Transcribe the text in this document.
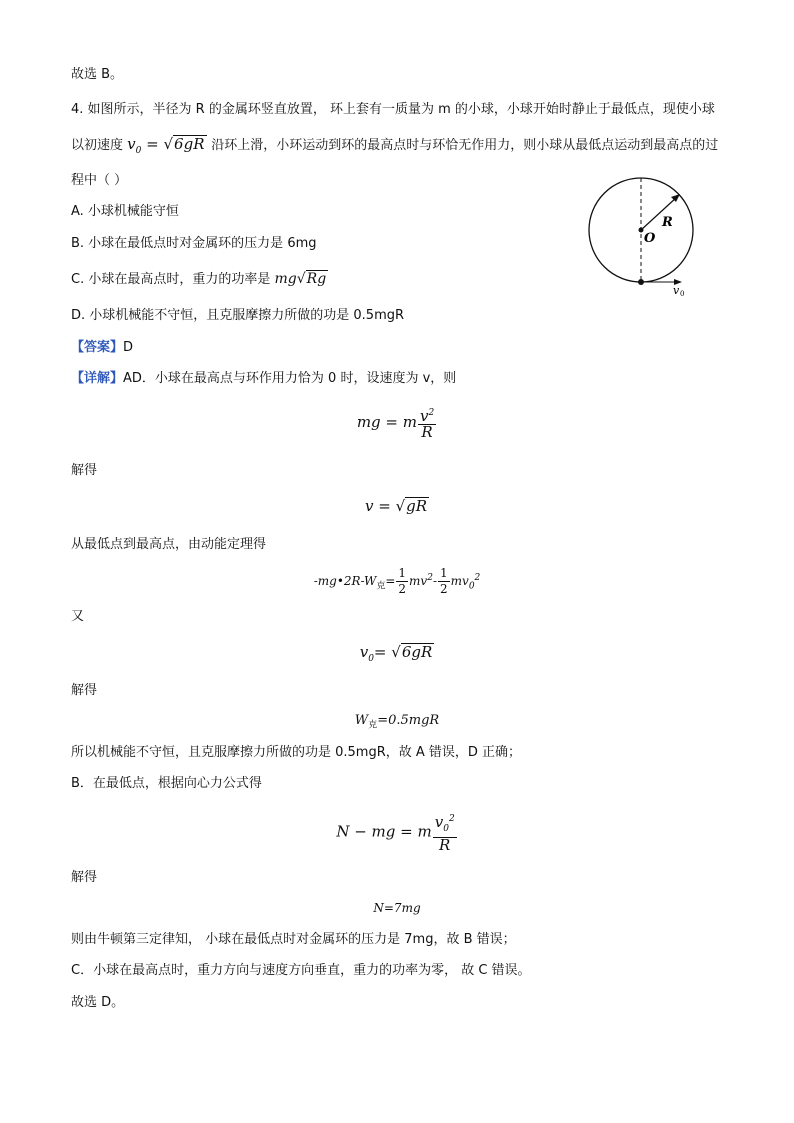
故选 B。
4. 如图所示，半径为 R 的金属环竖直放置， 环上套有一质量为 m 的小球，小球开始时静止于最低点，现使小球
以初速度 $v_0 = √6gR$ 沿环上滑，小环运动到环的最高点时与环恰无作用力，则小球从最低点运动到最高点的过
程中（ ）
A. 小球机械能守恒
B. 小球在最低点时对金属环的压力是 6mg
C. 小球在最高点时，重力的功率是 mg√Rg
D. 小球机械能不守恒，且克服摩擦力所做的功是 0.5mgR
R
O
v 0
【答案】D
【详解】AD．小球在最高点与环作用力恰为 0 时，设速度为 v，则
mg = m $\frac{v^2}{R}$
解得
v = √gR
从最低点到最高点，由动能定理得
$-mg•2R-W_克= \frac{1}{2} mv^2- \frac{1}{2} mv_0^2$
又
$v_0= √6gR$
解得
$W_克=0.5mgR$
所以机械能不守恒，且克服摩擦力所做的功是 0.5mgR，故 A 错误，D 正确；
B．在最低点，根据向心力公式得
N − mg = m $\frac{v_0^2}{R}$
解得
N=7mg
则由牛顿第三定律知， 小球在最低点时对金属环的压力是 7mg，故 B 错误；
C．小球在最高点时，重力方向与速度方向垂直，重力的功率为零， 故 C 错误。
故选 D。
